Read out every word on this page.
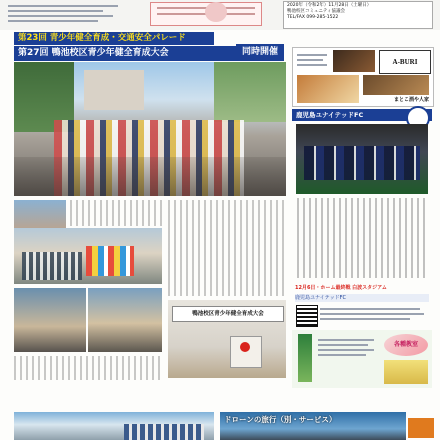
2020年（令和2年）11月28日（土曜日）
鴨池校区コミュニティ協議会
TEL/FAX 099-285-1522
第23回 青少年健全育成・交通安全パレード
第27回 鴨池校区青少年健全育成大会	同時開催
A-BURI
まとこ酒や人家
鹿児島ユナイテッドFC
12月6日・ホーム最終戦 白波スタジアム
鹿児島ユナイテッドFC
鴨池校区青少年健全育成大会
各種教室
ドローンの旅行（別・サービス）
